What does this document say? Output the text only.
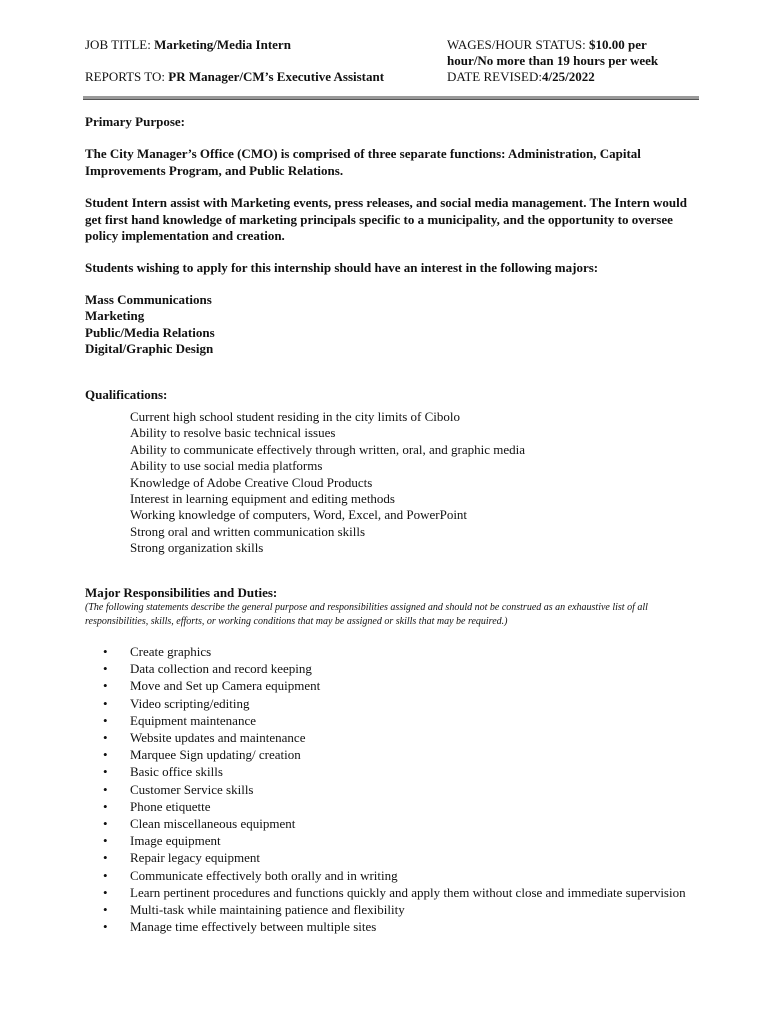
JOB TITLE: Marketing/Media Intern
REPORTS TO: PR Manager/CM’s Executive Assistant
WAGES/HOUR STATUS: $10.00 per
hour/No more than 19 hours per week
DATE REVISED:4/25/2022
Primary Purpose:
The City Manager’s Office (CMO) is comprised of three separate functions: Administration, Capital Improvements Program, and Public Relations.
Student Intern assist with Marketing events, press releases, and social media management. The Intern would get first hand knowledge of marketing principals specific to a municipality, and the opportunity to oversee policy implementation and creation.
Students wishing to apply for this internship should have an interest in the following majors:
Mass Communications
Marketing
Public/Media Relations
Digital/Graphic Design
Qualifications:
Current high school student residing in the city limits of Cibolo
Ability to resolve basic technical issues
Ability to communicate effectively through written, oral, and graphic media
Ability to use social media platforms
Knowledge of Adobe Creative Cloud Products
Interest in learning equipment and editing methods
Working knowledge of computers, Word, Excel, and PowerPoint
Strong oral and written communication skills
Strong organization skills
Major Responsibilities and Duties:
(The following statements describe the general purpose and responsibilities assigned and should not be construed as an exhaustive list of all responsibilities, skills, efforts, or working conditions that may be assigned or skills that may be required.)
• Create graphics
• Data collection and record keeping
• Move and Set up Camera equipment
• Video scripting/editing
• Equipment maintenance
• Website updates and maintenance
• Marquee Sign updating/ creation
• Basic office skills
• Customer Service skills
• Phone etiquette
• Clean miscellaneous equipment
• Image equipment
• Repair legacy equipment
• Communicate effectively both orally and in writing
• Learn pertinent procedures and functions quickly and apply them without close and immediate supervision
• Multi-task while maintaining patience and flexibility
• Manage time effectively between multiple sites
